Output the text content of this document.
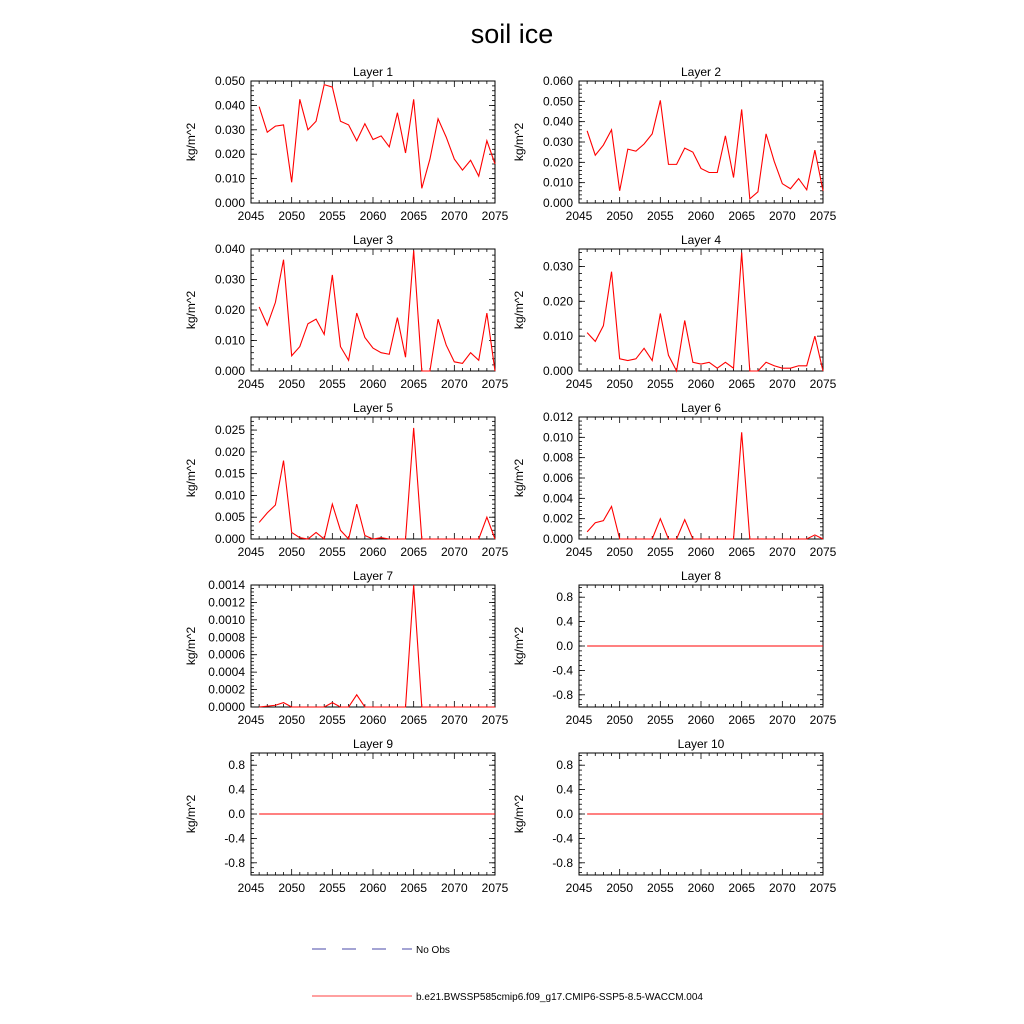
soil ice
Layer 1
2045 2050 2055 2060 2065 2070 2075
0.000
0.010
0.020
0.030
0.040
0.050
kg/m^2
Layer 2
2045 2050 2055 2060 2065 2070 2075
0.000
0.010
0.020
0.030
0.040
0.050
0.060
kg/m^2
Layer 3
2045 2050 2055 2060 2065 2070 2075
0.000
0.010
0.020
0.030
0.040
kg/m^2
Layer 4
2045 2050 2055 2060 2065 2070 2075
0.000
0.010
0.020
0.030
kg/m^2
Layer 5
2045 2050 2055 2060 2065 2070 2075
0.000
0.005
0.010
0.015
0.020
0.025
kg/m^2
Layer 6
2045 2050 2055 2060 2065 2070 2075
0.000
0.002
0.004
0.006
0.008
0.010
0.012
kg/m^2
Layer 7
2045 2050 2055 2060 2065 2070 2075
0.0000
0.0002
0.0004
0.0006
0.0008
0.0010
0.0012
0.0014
kg/m^2
Layer 8
2045 2050 2055 2060 2065 2070 2075
-0.8
-0.4
0.0
0.4
0.8
kg/m^2
Layer 9
2045 2050 2055 2060 2065 2070 2075
-0.8
-0.4
0.0
0.4
0.8
kg/m^2
Layer 10
2045 2050 2055 2060 2065 2070 2075
-0.8
-0.4
0.0
0.4
0.8
kg/m^2
No Obs
b.e21.BWSSP585cmip6.f09_g17.CMIP6-SSP5-8.5-WACCM.004
